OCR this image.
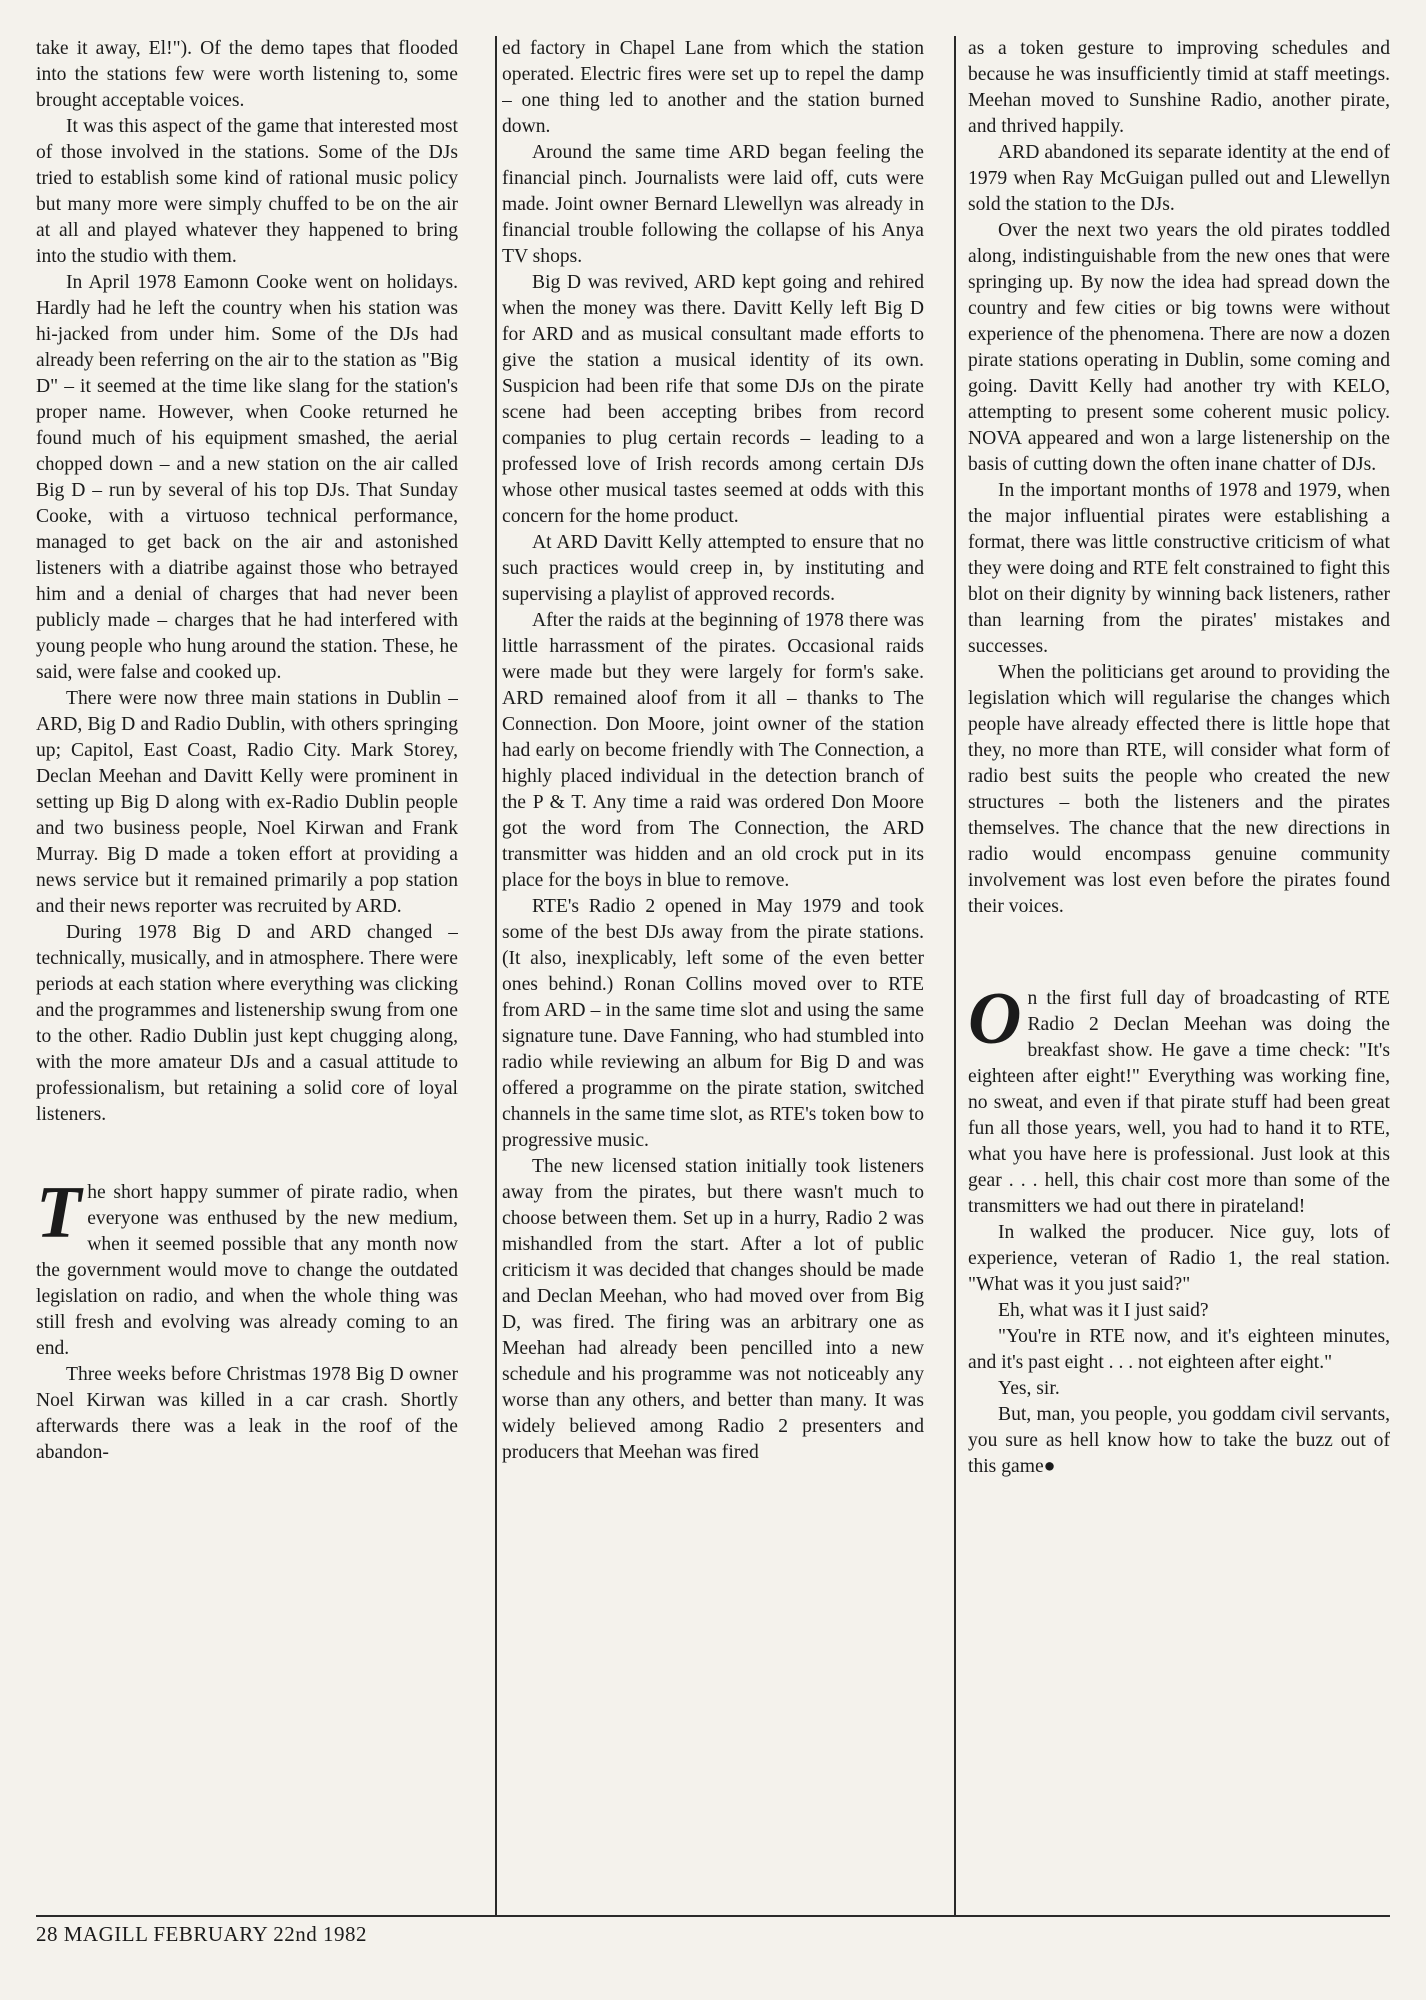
take it away, El!"). Of the demo tapes that flooded into the stations few were worth listening to, some brought acceptable voices.

It was this aspect of the game that interested most of those involved in the stations. Some of the DJs tried to establish some kind of rational music policy but many more were simply chuffed to be on the air at all and played whatever they happened to bring into the studio with them.

In April 1978 Eamonn Cooke went on holidays. Hardly had he left the country when his station was hi-jacked from under him. Some of the DJs had already been referring on the air to the station as "Big D" – it seemed at the time like slang for the station's proper name. However, when Cooke returned he found much of his equipment smashed, the aerial chopped down – and a new station on the air called Big D – run by several of his top DJs. That Sunday Cooke, with a virtuoso technical performance, managed to get back on the air and astonished listeners with a diatribe against those who betrayed him and a denial of charges that had never been publicly made – charges that he had interfered with young people who hung around the station. These, he said, were false and cooked up.

There were now three main stations in Dublin – ARD, Big D and Radio Dublin, with others springing up; Capitol, East Coast, Radio City. Mark Storey, Declan Meehan and Davitt Kelly were prominent in setting up Big D along with ex-Radio Dublin people and two business people, Noel Kirwan and Frank Murray. Big D made a token effort at providing a news service but it remained primarily a pop station and their news reporter was recruited by ARD.

During 1978 Big D and ARD changed – technically, musically, and in atmosphere. There were periods at each station where everything was clicking and the programmes and listenership swung from one to the other. Radio Dublin just kept chugging along, with the more amateur DJs and a casual attitude to professionalism, but retaining a solid core of loyal listeners.

The short happy summer of pirate radio, when everyone was enthused by the new medium, when it seemed possible that any month now the government would move to change the outdated legislation on radio, and when the whole thing was still fresh and evolving was already coming to an end.

Three weeks before Christmas 1978 Big D owner Noel Kirwan was killed in a car crash. Shortly afterwards there was a leak in the roof of the abandon-

ed factory in Chapel Lane from which the station operated. Electric fires were set up to repel the damp – one thing led to another and the station burned down.

Around the same time ARD began feeling the financial pinch. Journalists were laid off, cuts were made. Joint owner Bernard Llewellyn was already in financial trouble following the collapse of his Anya TV shops.

Big D was revived, ARD kept going and rehired when the money was there. Davitt Kelly left Big D for ARD and as musical consultant made efforts to give the station a musical identity of its own. Suspicion had been rife that some DJs on the pirate scene had been accepting bribes from record companies to plug certain records – leading to a professed love of Irish records among certain DJs whose other musical tastes seemed at odds with this concern for the home product.

At ARD Davitt Kelly attempted to ensure that no such practices would creep in, by instituting and supervising a playlist of approved records.

After the raids at the beginning of 1978 there was little harrassment of the pirates. Occasional raids were made but they were largely for form's sake. ARD remained aloof from it all – thanks to The Connection. Don Moore, joint owner of the station had early on become friendly with The Connection, a highly placed individual in the detection branch of the P & T. Any time a raid was ordered Don Moore got the word from The Connection, the ARD transmitter was hidden and an old crock put in its place for the boys in blue to remove.

RTE's Radio 2 opened in May 1979 and took some of the best DJs away from the pirate stations. (It also, inexplicably, left some of the even better ones behind.) Ronan Collins moved over to RTE from ARD – in the same time slot and using the same signature tune. Dave Fanning, who had stumbled into radio while reviewing an album for Big D and was offered a programme on the pirate station, switched channels in the same time slot, as RTE's token bow to progressive music.

The new licensed station initially took listeners away from the pirates, but there wasn't much to choose between them. Set up in a hurry, Radio 2 was mishandled from the start. After a lot of public criticism it was decided that changes should be made and Declan Meehan, who had moved over from Big D, was fired. The firing was an arbitrary one as Meehan had already been pencilled into a new schedule and his programme was not noticeably any worse than any others, and better than many. It was widely believed among Radio 2 presenters and producers that Meehan was fired

as a token gesture to improving schedules and because he was insufficiently timid at staff meetings. Meehan moved to Sunshine Radio, another pirate, and thrived happily.

ARD abandoned its separate identity at the end of 1979 when Ray McGuigan pulled out and Llewellyn sold the station to the DJs.

Over the next two years the old pirates toddled along, indistinguishable from the new ones that were springing up. By now the idea had spread down the country and few cities or big towns were without experience of the phenomena. There are now a dozen pirate stations operating in Dublin, some coming and going. Davitt Kelly had another try with KELO, attempting to present some coherent music policy. NOVA appeared and won a large listenership on the basis of cutting down the often inane chatter of DJs.

In the important months of 1978 and 1979, when the major influential pirates were establishing a format, there was little constructive criticism of what they were doing and RTE felt constrained to fight this blot on their dignity by winning back listeners, rather than learning from the pirates' mistakes and successes.

When the politicians get around to providing the legislation which will regularise the changes which people have already effected there is little hope that they, no more than RTE, will consider what form of radio best suits the people who created the new structures – both the listeners and the pirates themselves. The chance that the new directions in radio would encompass genuine community involvement was lost even before the pirates found their voices.

On the first full day of broadcasting of RTE Radio 2 Declan Meehan was doing the breakfast show. He gave a time check: "It's eighteen after eight!" Everything was working fine, no sweat, and even if that pirate stuff had been great fun all those years, well, you had to hand it to RTE, what you have here is professional. Just look at this gear . . . hell, this chair cost more than some of the transmitters we had out there in pirateland!

In walked the producer. Nice guy, lots of experience, veteran of Radio 1, the real station. "What was it you just said?"

Eh, what was it I just said?

"You're in RTE now, and it's eighteen minutes, and it's past eight . . . not eighteen after eight."

Yes, sir.

But, man, you people, you goddam civil servants, you sure as hell know how to take the buzz out of this game●

28 MAGILL FEBRUARY 22nd 1982
